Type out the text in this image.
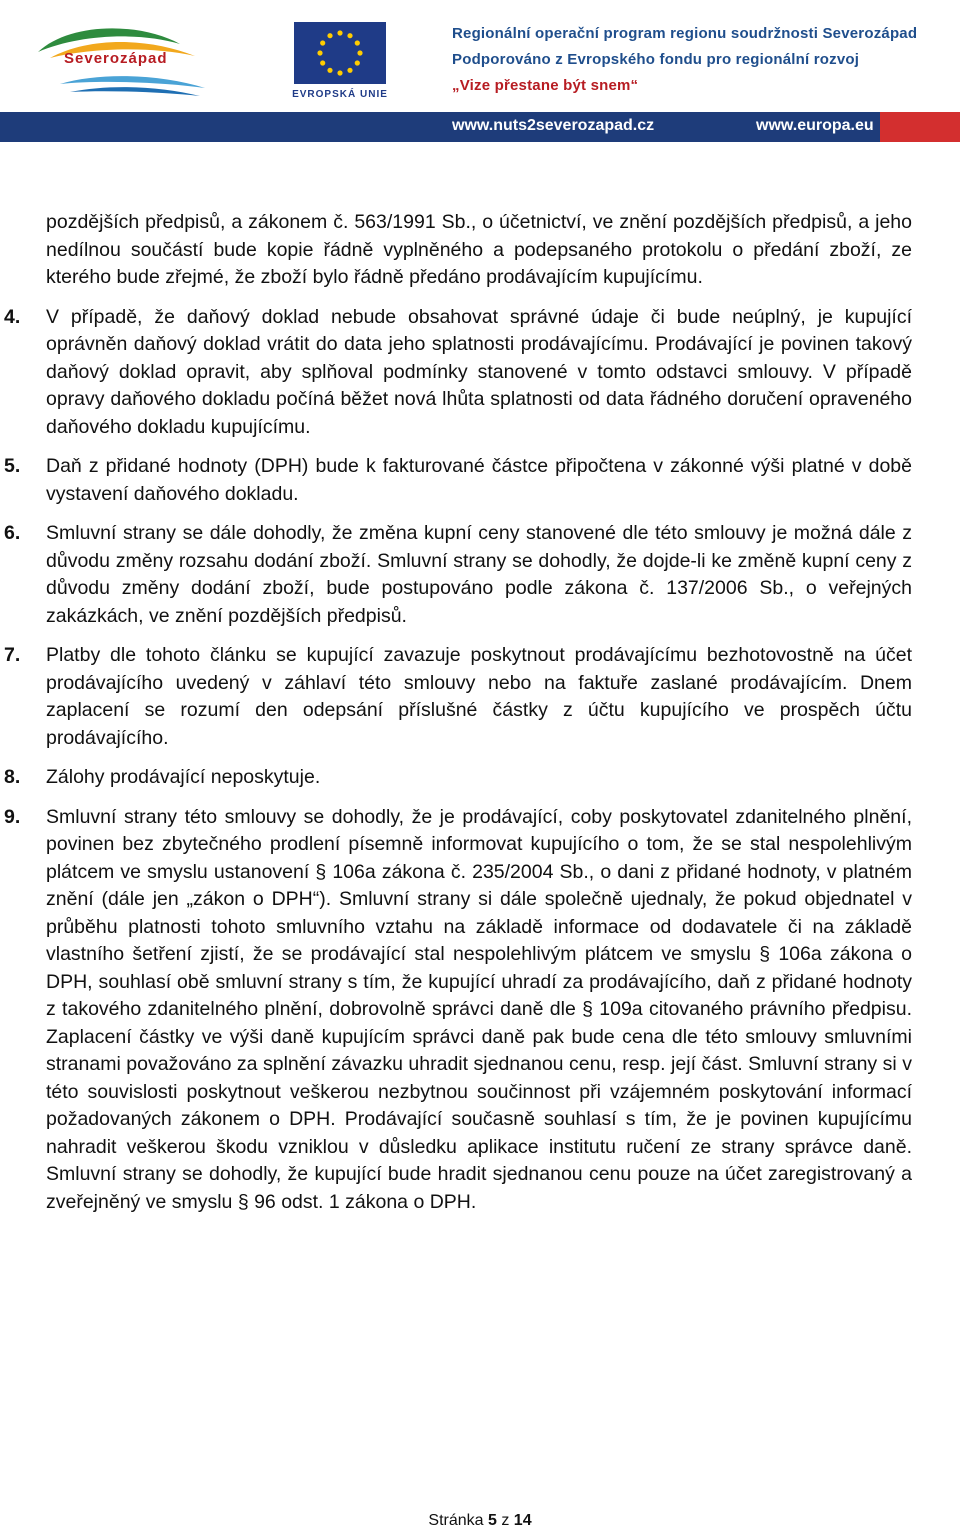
Severozápad
EVROPSKÁ UNIE
Regionální operační program regionu soudržnosti Severozápad
Podporováno z Evropského fondu pro regionální rozvoj
„Vize přestane být snem“
www.nuts2severozapad.cz	www.europa.eu

pozdějších předpisů, a zákonem č. 563/1991 Sb., o účetnictví, ve znění pozdějších předpisů, a jeho nedílnou součástí bude kopie řádně vyplněného a podepsaného protokolu o předání zboží, ze kterého bude zřejmé, že zboží bylo řádně předáno prodávajícím kupujícímu.

4. V případě, že daňový doklad nebude obsahovat správné údaje či bude neúplný, je kupující oprávněn daňový doklad vrátit do data jeho splatnosti prodávajícímu. Prodávající je povinen takový daňový doklad opravit, aby splňoval podmínky stanovené v tomto odstavci smlouvy. V případě opravy daňového dokladu počíná běžet nová lhůta splatnosti od data řádného doručení opraveného daňového dokladu kupujícímu.

5. Daň z přidané hodnoty (DPH) bude k fakturované částce připočtena v zákonné výši platné v době vystavení daňového dokladu.

6. Smluvní strany se dále dohodly, že změna kupní ceny stanovené dle této smlouvy je možná dále z důvodu změny rozsahu dodání zboží. Smluvní strany se dohodly, že dojde-li ke změně kupní ceny z důvodu změny dodání zboží, bude postupováno podle zákona č. 137/2006 Sb., o veřejných zakázkách, ve znění pozdějších předpisů.

7. Platby dle tohoto článku se kupující zavazuje poskytnout prodávajícímu bezhotovostně na účet prodávajícího uvedený v záhlaví této smlouvy nebo na faktuře zaslané prodávajícím. Dnem zaplacení se rozumí den odepsání příslušné částky z účtu kupujícího ve prospěch účtu prodávajícího.

8. Zálohy prodávající neposkytuje.

9. Smluvní strany této smlouvy se dohodly, že je prodávající, coby poskytovatel zdanitelného plnění, povinen bez zbytečného prodlení písemně informovat kupujícího o tom, že se stal nespolehlivým plátcem ve smyslu ustanovení § 106a zákona č. 235/2004 Sb., o dani z přidané hodnoty, v platném znění (dále jen „zákon o DPH“). Smluvní strany si dále společně ujednaly, že pokud objednatel v průběhu platnosti tohoto smluvního vztahu na základě informace od dodavatele či na základě vlastního šetření zjistí, že se prodávající stal nespolehlivým plátcem ve smyslu § 106a zákona o DPH, souhlasí obě smluvní strany s tím, že kupující uhradí za prodávajícího, daň z přidané hodnoty z takového zdanitelného plnění, dobrovolně správci daně dle § 109a citovaného právního předpisu. Zaplacení částky ve výši daně kupujícím správci daně pak bude cena dle této smlouvy smluvními stranami považováno za splnění závazku uhradit sjednanou cenu, resp. její část. Smluvní strany si v této souvislosti poskytnout veškerou nezbytnou součinnost při vzájemném poskytování informací požadovaných zákonem o DPH. Prodávající současně souhlasí s tím, že je povinen kupujícímu nahradit veškerou škodu vzniklou v důsledku aplikace institutu ručení ze strany správce daně. Smluvní strany se dohodly, že kupující bude hradit sjednanou cenu pouze na účet zaregistrovaný a zveřejněný ve smyslu § 96 odst. 1 zákona o DPH.

Stránka 5 z 14
